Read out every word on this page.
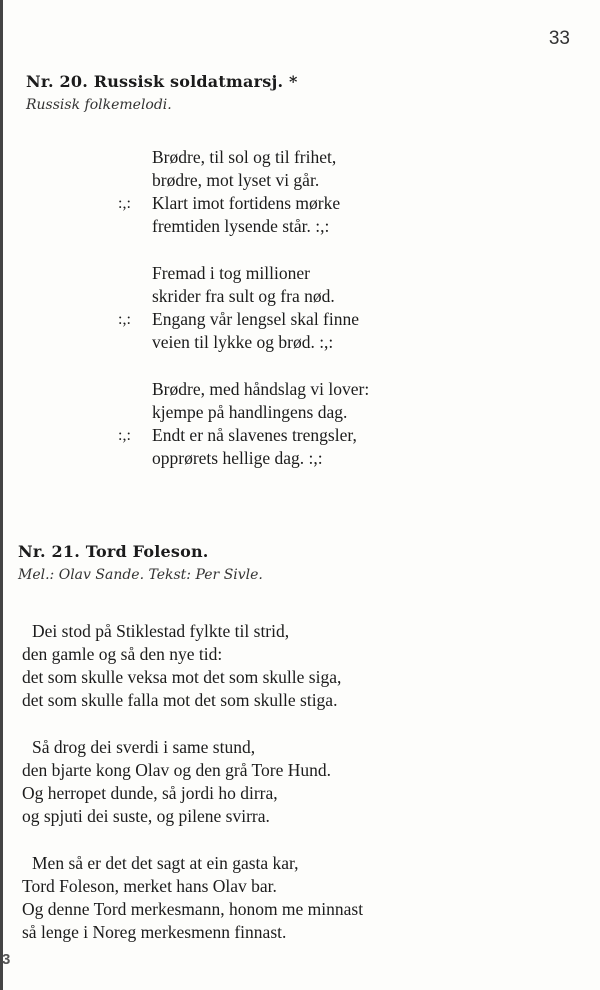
33
Nr. 20. Russisk soldatmarsj. *
Russisk folkemelodi.
Brødre, til sol og til frihet,
brødre, mot lyset vi går.
:,: Klart imot fortidens mørke
fremtiden lysende står. :,:
Fremad i tog millioner
skrider fra sult og fra nød.
:,: Engang vår lengsel skal finne
veien til lykke og brød. :,:
Brødre, med håndslag vi lover:
kjempe på handlingens dag.
:,: Endt er nå slavenes trengsler,
opprørets hellige dag. :,:
Nr. 21. Tord Foleson.
Mel.: Olav Sande. Tekst: Per Sivle.
Dei stod på Stiklestad fylkte til strid,
den gamle og så den nye tid:
det som skulle veksa mot det som skulle siga,
det som skulle falla mot det som skulle stiga.
Så drog dei sverdi i same stund,
den bjarte kong Olav og den grå Tore Hund.
Og herropet dunde, så jordi ho dirra,
og spjuti dei suste, og pilene svirra.
Men så er det det sagt at ein gasta kar,
Tord Foleson, merket hans Olav bar.
Og denne Tord merkesmann, honom me minnast
så lenge i Noreg merkesmenn finnast.
3
